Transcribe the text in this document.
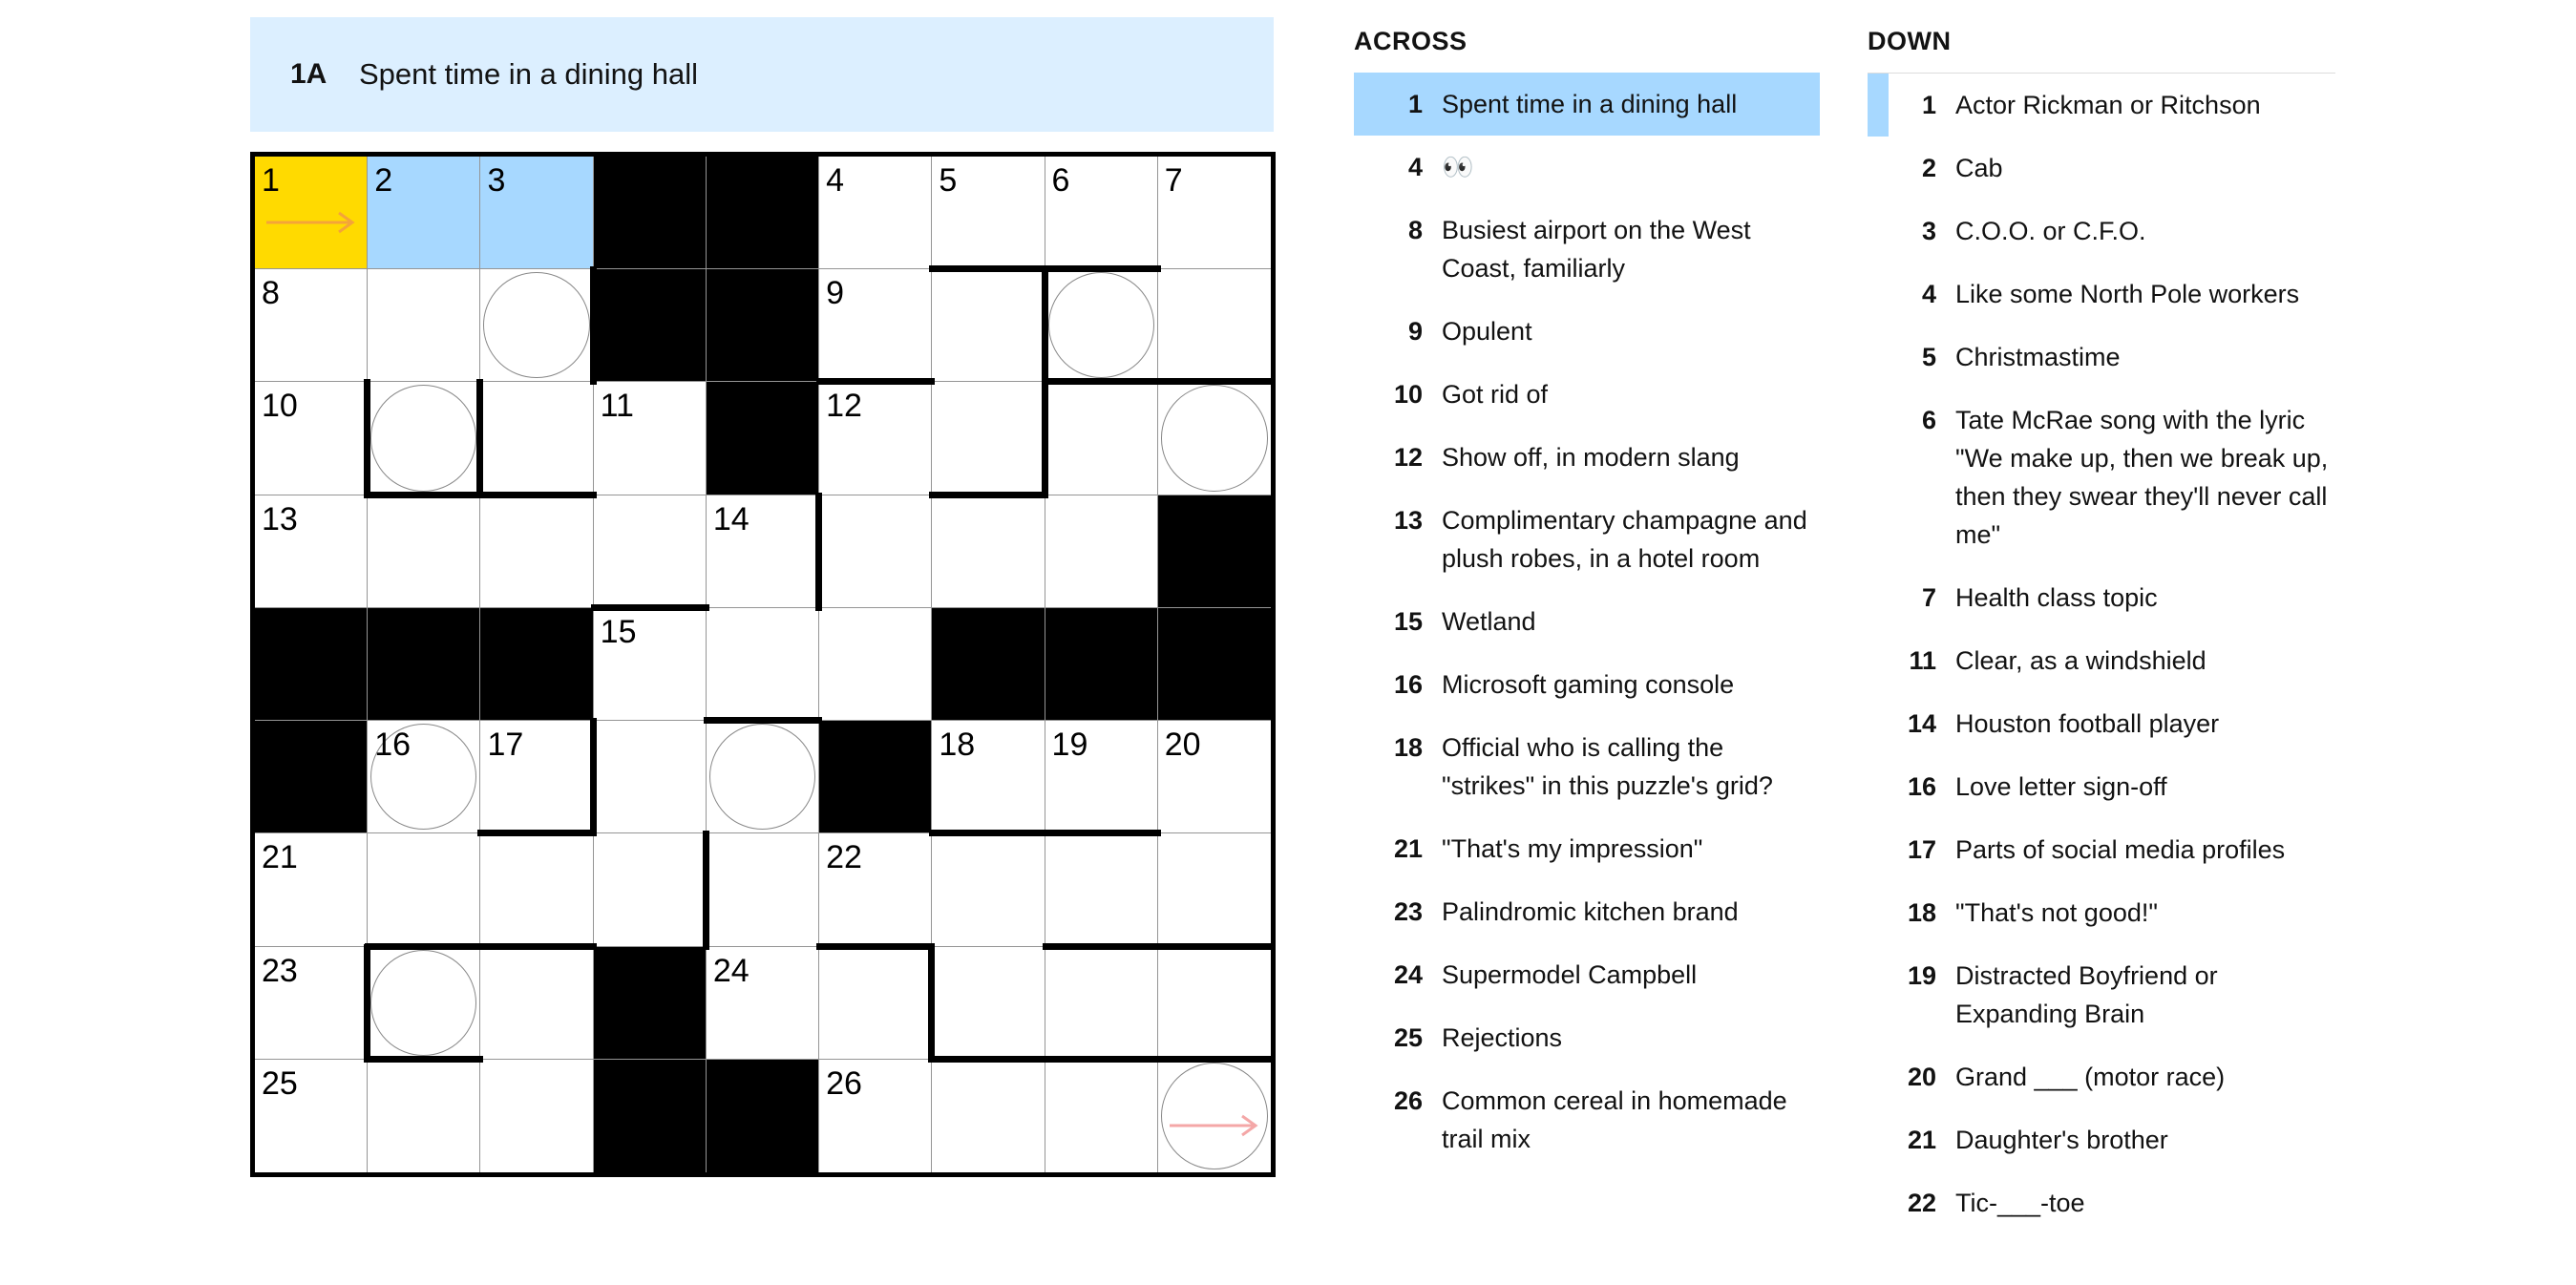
1A Spent time in a dining hall
1	2	3	4	5	6	7
8	9
10	11	12
13	14
15
16 17	18 19 20
21	22
23	24
25	26
ACROSS
1 Spent time in a dining hall
4 👀
8 Busiest airport on the West Coast, familiarly
9 Opulent
10 Got rid of
12 Show off, in modern slang
13 Complimentary champagne and plush robes, in a hotel room
15 Wetland
16 Microsoft gaming console
18 Official who is calling the "strikes" in this puzzle's grid?
21 "That's my impression"
23 Palindromic kitchen brand
24 Supermodel Campbell
25 Rejections
26 Common cereal in homemade trail mix
DOWN
1 Actor Rickman or Ritchson
2 Cab
3 C.O.O. or C.F.O.
4 Like some North Pole workers
5 Christmastime
6 Tate McRae song with the lyric "We make up, then we break up, then they swear they'll never call me"
7 Health class topic
11 Clear, as a windshield
14 Houston football player
16 Love letter sign-off
17 Parts of social media profiles
18 "That's not good!"
19 Distracted Boyfriend or Expanding Brain
20 Grand ___ (motor race)
21 Daughter's brother
22 Tic-___-toe
